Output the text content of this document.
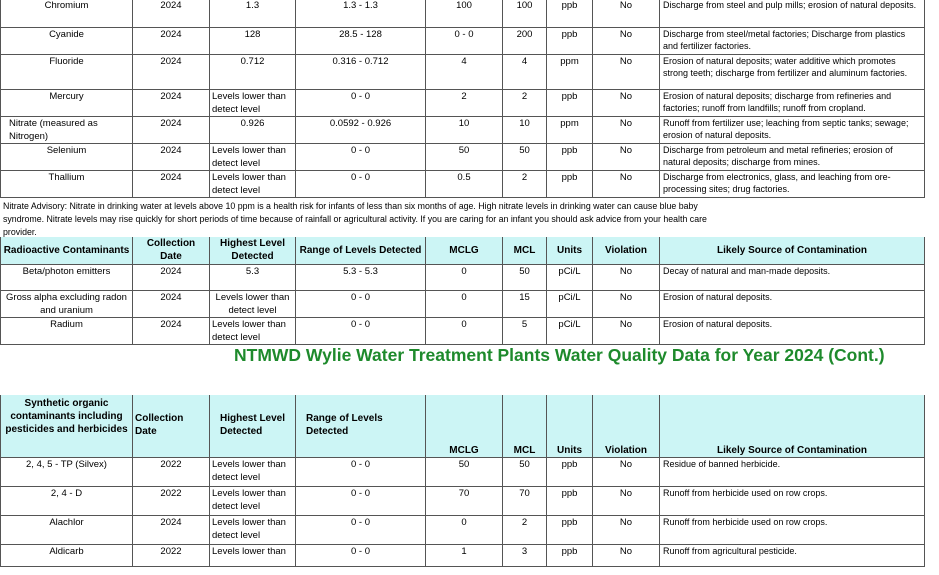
Chromium	2024	1.3	1.3 - 1.3	100	100	ppb	No	Discharge from steel and pulp mills; erosion of natural deposits.
Cyanide	2024	128	28.5 - 128	0 - 0	200	ppb	No	Discharge from steel/metal factories; Discharge from plastics and fertilizer factories.
Fluoride	2024	0.712	0.316 - 0.712	4	4	ppm	No	Erosion of natural deposits; water additive which promotes strong teeth; discharge from fertilizer and aluminum factories.
Mercury	2024	Levels lower than detect level	0 - 0	2	2	ppb	No	Erosion of natural deposits; discharge from refineries and factories; runoff from landfills; runoff from cropland.
Nitrate (measured as Nitrogen)	2024	0.926	0.0592 - 0.926	10	10	ppm	No	Runoff from fertilizer use; leaching from septic tanks; sewage; erosion of natural deposits.
Selenium	2024	Levels lower than detect level	0 - 0	50	50	ppb	No	Discharge from petroleum and metal refineries; erosion of natural deposits; discharge from mines.
Thallium	2024	Levels lower than detect level	0 - 0	0.5	2	ppb	No	Discharge from electronics, glass, and leaching from ore-processing sites; drug factories.
Nitrate Advisory: Nitrate in drinking water at levels above 10 ppm is a health risk for infants of less than six months of age. High nitrate levels in drinking water can cause blue baby syndrome. Nitrate levels may rise quickly for short periods of time because of rainfall or agricultural activity. If you are caring for an infant you should ask advice from your health care provider.
Radioactive Contaminants	Collection Date	Highest Level Detected	Range of Levels Detected	MCLG	MCL	Units	Violation	Likely Source of Contamination
Beta/photon emitters	2024	5.3	5.3 - 5.3	0	50	pCi/L	No	Decay of natural and man-made deposits.
Gross alpha excluding radon and uranium	2024	Levels lower than detect level	0 - 0	0	15	pCi/L	No	Erosion of natural deposits.
Radium	2024	Levels lower than detect level	0 - 0	0	5	pCi/L	No	Erosion of natural deposits.
NTMWD Wylie Water Treatment Plants Water Quality Data for Year 2024 (Cont.)
Synthetic organic contaminants including pesticides and herbicides	Collection Date	Highest Level Detected	Range of Levels Detected	MCLG	MCL	Units	Violation	Likely Source of Contamination
2, 4, 5 - TP (Silvex)	2022	Levels lower than detect level	0 - 0	50	50	ppb	No	Residue of banned herbicide.
2, 4 - D	2022	Levels lower than detect level	0 - 0	70	70	ppb	No	Runoff from herbicide used on row crops.
Alachlor	2024	Levels lower than detect level	0 - 0	0	2	ppb	No	Runoff from herbicide used on row crops.
Aldicarb	2022	Levels lower than	0 - 0	1	3	ppb	No	Runoff from agricultural pesticide.
